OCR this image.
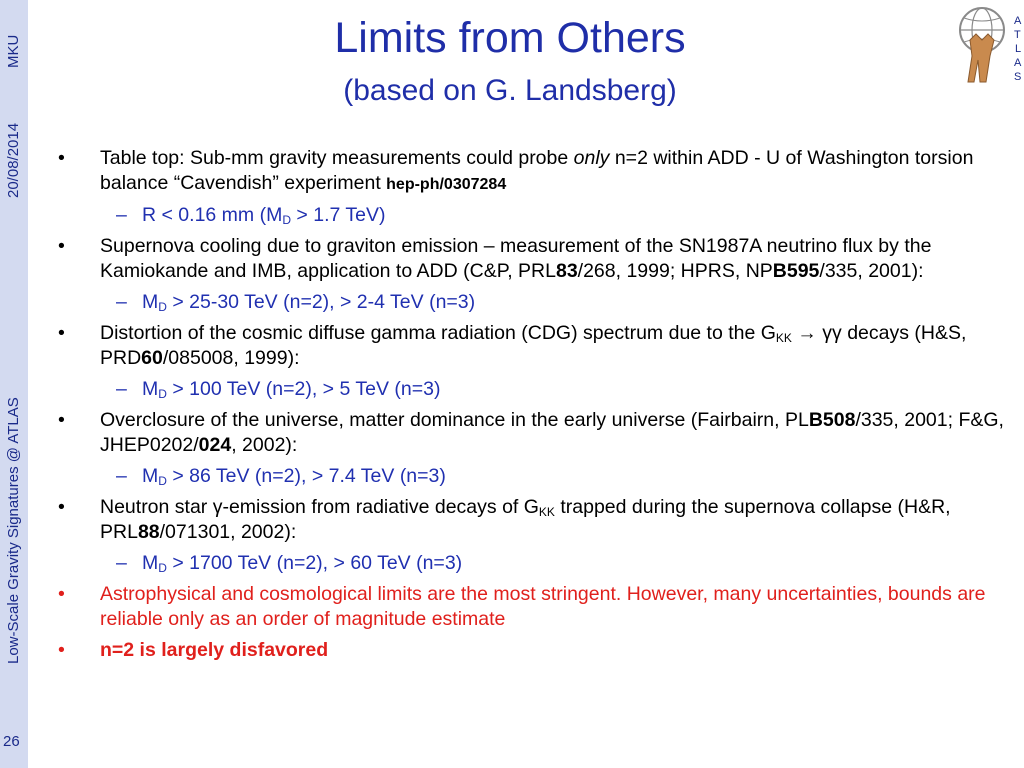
MKU
20/08/2014
Low-Scale Gravity Signatures @ ATLAS
26
Limits from Others
(based on G. Landsberg)
A
T
L
A
S
• Table top: Sub-mm gravity measurements could probe only n=2 within ADD - U of Washington torsion balance “Cavendish” experiment hep-ph/0307284
– R < 0.16 mm ($M_D > 1.7$ TeV)
• Supernova cooling due to graviton emission – measurement of the SN1987A neutrino flux by the Kamiokande and IMB, application to ADD (C&P, PRL83/268, 1999; HPRS, NPB595/335, 2001):
– $M_D > 25-30$ TeV (n=2), > 2-4 TeV (n=3)
• Distortion of the cosmic diffuse gamma radiation (CDG) spectrum due to the $G_{KK} \to \gamma\gamma$ decays (H&S, PRD60/085008, 1999):
– $M_D > 100$ TeV (n=2), > 5 TeV (n=3)
• Overclosure of the universe, matter dominance in the early universe (Fairbairn, PLB508/335, 2001; F&G, JHEP0202/024, 2002):
– $M_D > 86$ TeV (n=2), > 7.4 TeV (n=3)
• Neutron star γ-emission from radiative decays of $G_{KK}$ trapped during the supernova collapse (H&R, PRL88/071301, 2002):
– $M_D > 1700$ TeV (n=2), > 60 TeV (n=3)
• Astrophysical and cosmological limits are the most stringent. However, many uncertainties, bounds are reliable only as an order of magnitude estimate
• n=2 is largely disfavored
